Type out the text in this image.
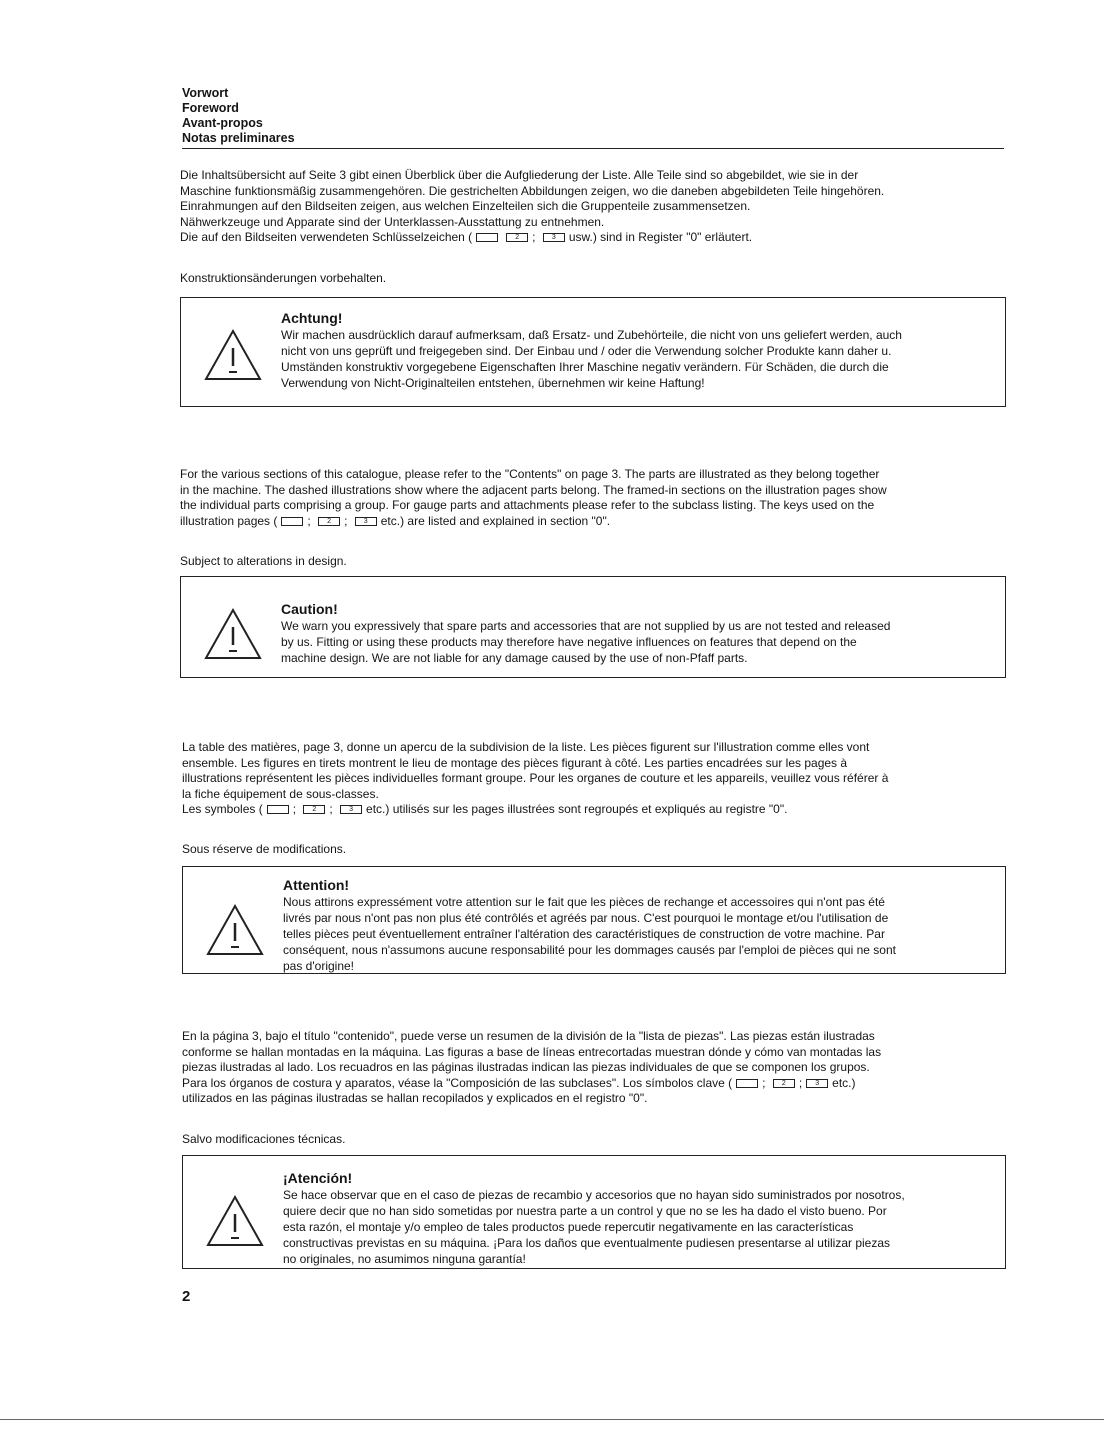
Vorwort
Foreword
Avant-propos
Notas preliminares
Die Inhaltsübersicht auf Seite 3 gibt einen Überblick über die Aufgliederung der Liste. Alle Teile sind so abgebildet, wie sie in der
Maschine funktionsmäßig zusammengehören. Die gestrichelten Abbildungen zeigen, wo die daneben abgebildeten Teile hingehören.
Einrahmungen auf den Bildseiten zeigen, aus welchen Einzelteilen sich die Gruppenteile zusammensetzen.
Nähwerkzeuge und Apparate sind der Unterklassen-Ausstattung zu entnehmen.
Die auf den Bildseiten verwendeten Schlüsselzeichen (	2 ; 3 usw.) sind in Register "0" erläutert.
Konstruktionsänderungen vorbehalten.
Achtung!
Wir machen ausdrücklich darauf aufmerksam, daß Ersatz- und Zubehörteile, die nicht von uns geliefert werden, auch
nicht von uns geprüft und freigegeben sind. Der Einbau und / oder die Verwendung solcher Produkte kann daher u.
Umständen konstruktiv vorgegebene Eigenschaften Ihrer Maschine negativ verändern. Für Schäden, die durch die
Verwendung von Nicht-Originalteilen entstehen, übernehmen wir keine Haftung!
For the various sections of this catalogue, please refer to the "Contents" on page 3. The parts are illustrated as they belong together
in the machine. The dashed illustrations show where the adjacent parts belong. The framed-in sections on the illustration pages show
the individual parts comprising a group. For gauge parts and attachments please refer to the subclass listing. The keys used on the
illustration pages (	; 2 ; 3 etc.) are listed and explained in section "0".
Subject to alterations in design.
Caution!
We warn you expressively that spare parts and accessories that are not supplied by us are not tested and released
by us. Fitting or using these products may therefore have negative influences on features that depend on the
machine design. We are not liable for any damage caused by the use of non-Pfaff parts.
La table des matières, page 3, donne un apercu de la subdivision de la liste. Les pièces figurent sur l'illustration comme elles vont
ensemble. Les figures en tirets montrent le lieu de montage des pièces figurant à côté. Les parties encadrées sur les pages à
illustrations représentent les pièces individuelles formant groupe. Pour les organes de couture et les appareils, veuillez vous référer à
la fiche équipement de sous-classes.
Les symboles (	; 2 ; 3 etc.) utilisés sur les pages illustrées sont regroupés et expliqués au registre "0".
Sous réserve de modifications.
Attention!
Nous attirons expressément votre attention sur le fait que les pièces de rechange et accessoires qui n'ont pas été
livrés par nous n'ont pas non plus été contrôlés et agréés par nous. C'est pourquoi le montage et/ou l'utilisation de
telles pièces peut éventuellement entraîner l'altération des caractéristiques de construction de votre machine. Par
conséquent, nous n'assumons aucune responsabilité pour les dommages causés par l'emploi de pièces qui ne sont
pas d'origine!
En la página 3, bajo el título "contenido", puede verse un resumen de la división de la "lista de piezas". Las piezas están ilustradas
conforme se hallan montadas en la máquina. Las figuras a base de líneas entrecortadas muestran dónde y cómo van montadas las
piezas ilustradas al lado. Los recuadros en las páginas ilustradas indican las piezas individuales de que se componen los grupos.
Para los órganos de costura y aparatos, véase la "Composición de las subclases". Los símbolos clave (	; 2 ; 3 etc.)
utilizados en las páginas ilustradas se hallan recopilados y explicados en el registro "0".
Salvo modificaciones técnicas.
¡Atención!
Se hace observar que en el caso de piezas de recambio y accesorios que no hayan sido suministrados por nosotros,
quiere decir que no han sido sometidas por nuestra parte a un control y que no se les ha dado el visto bueno. Por
esta razón, el montaje y/o empleo de tales productos puede repercutir negativamente en las características
constructivas previstas en su máquina. ¡Para los daños que eventualmente pudiesen presentarse al utilizar piezas
no originales, no asumimos ninguna garantía!
2
